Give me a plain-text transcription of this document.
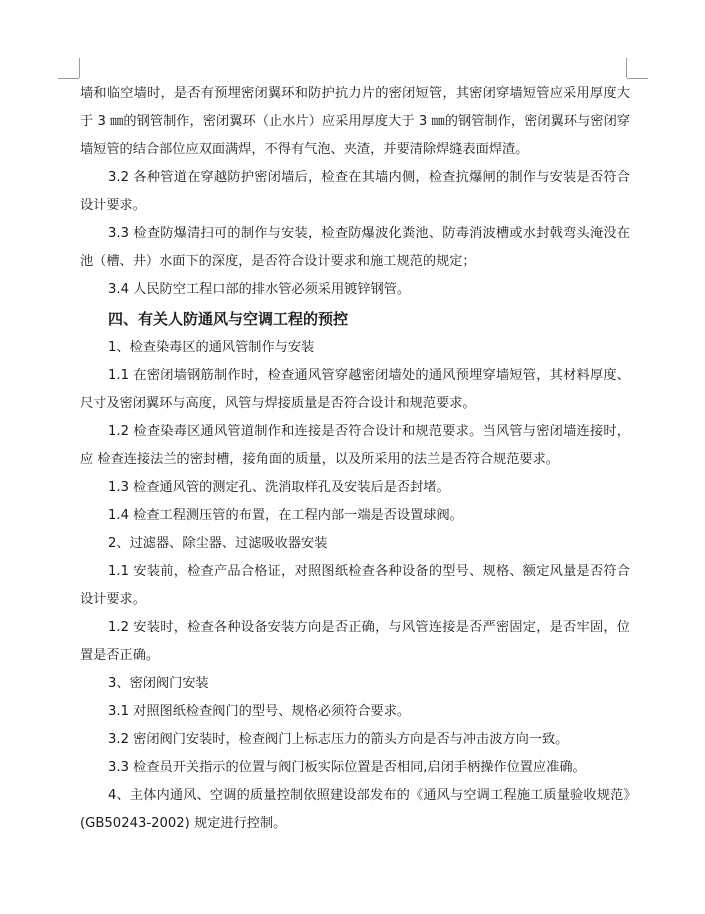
墙和临空墙时，是否有预埋密闭翼环和防护抗力片的密闭短管，其密闭穿墙短管应采用厚度大于 3 ㎜的钢管制作，密闭翼环（止水片）应采用厚度大于 3 ㎜的钢管制作，密闭翼环与密闭穿墙短管的结合部位应双面满焊，不得有气泡、夹渣，并要清除焊缝表面焊渣。

3.2 各种管道在穿越防护密闭墙后，检查在其墙内侧，检查抗爆闸的制作与安装是否符合设计要求。

3.3 检查防爆清扫可的制作与安装，检查防爆波化粪池、防毒消波槽或水封戟弯头淹没在池（槽、井）水面下的深度，是否符合设计要求和施工规范的规定；

3.4 人民防空工程口部的排水管必须采用镀锌钢管。

四、有关人防通风与空调工程的预控

1、检查染毒区的通风管制作与安装

1.1 在密闭墙钢筋制作时，检查通风管穿越密闭墙处的通风预埋穿墙短管，其材料厚度、尺寸及密闭翼环与高度，风管与焊接质量是否符合设计和规范要求。

1.2 检查染毒区通风管道制作和连接是否符合设计和规范要求。当风管与密闭墙连接时，应 检查连接法兰的密封槽，接角面的质量，以及所采用的法兰是否符合规范要求。

1.3 检查通风管的测定孔、洗消取样孔及安装后是否封堵。

1.4 检查工程测压管的布置，在工程内部一端是否设置球阀。

2、过滤器、除尘器、过滤吸收器安装

1.1 安装前，检查产品合格证，对照图纸检查各种设备的型号、规格、额定风量是否符合设计要求。

1.2 安装时，检查各种设备安装方向是否正确，与风管连接是否严密固定，是否牢固，位置是否正确。

3、密闭阀门安装

3.1 对照图纸检查阀门的型号、规格必须符合要求。

3.2 密闭阀门安装时，检查阀门上标志压力的箭头方向是否与冲击波方向一致。

3.3 检查员开关指示的位置与阀门板实际位置是否相同,启闭手柄操作位置应准确。

4、主体内通风、空调的质量控制依照建设部发布的《通风与空调工程施工质量验收规范》(GB50243-2002) 规定进行控制。
